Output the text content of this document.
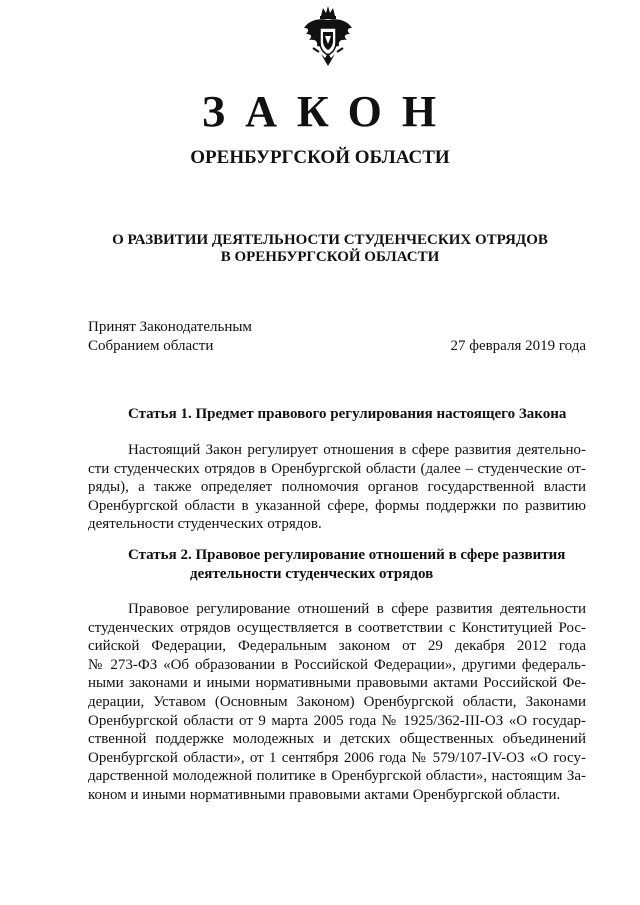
ЗАКОН
ОРЕНБУРГСКОЙ ОБЛАСТИ
О РАЗВИТИИ ДЕЯТЕЛЬНОСТИ СТУДЕНЧЕСКИХ ОТРЯДОВ
В ОРЕНБУРГСКОЙ ОБЛАСТИ
Принят Законодательным
Собранием области	27 февраля 2019 года
Статья 1. Предмет правового регулирования настоящего Закона
Настоящий Закон регулирует отношения в сфере развития деятельно-
сти студенческих отрядов в Оренбургской области (далее – студенческие от-
ряды), а также определяет полномочия органов государственной власти
Оренбургской области в указанной сфере, формы поддержки по развитию
деятельности студенческих отрядов.
Статья 2. Правовое регулирование отношений в сфере развития
деятельности студенческих отрядов
Правовое регулирование отношений в сфере развития деятельности
студенческих отрядов осуществляется в соответствии с Конституцией Рос-
сийской Федерации, Федеральным законом от 29 декабря 2012 года
№ 273-ФЗ «Об образовании в Российской Федерации», другими федераль-
ными законами и иными нормативными правовыми актами Российской Фе-
дерации, Уставом (Основным Законом) Оренбургской области, Законами
Оренбургской области от 9 марта 2005 года № 1925/362-III-ОЗ «О государ-
ственной поддержке молодежных и детских общественных объединений
Оренбургской области», от 1 сентября 2006 года № 579/107-IV-ОЗ «О госу-
дарственной молодежной политике в Оренбургской области», настоящим За-
коном и иными нормативными правовыми актами Оренбургской области.
